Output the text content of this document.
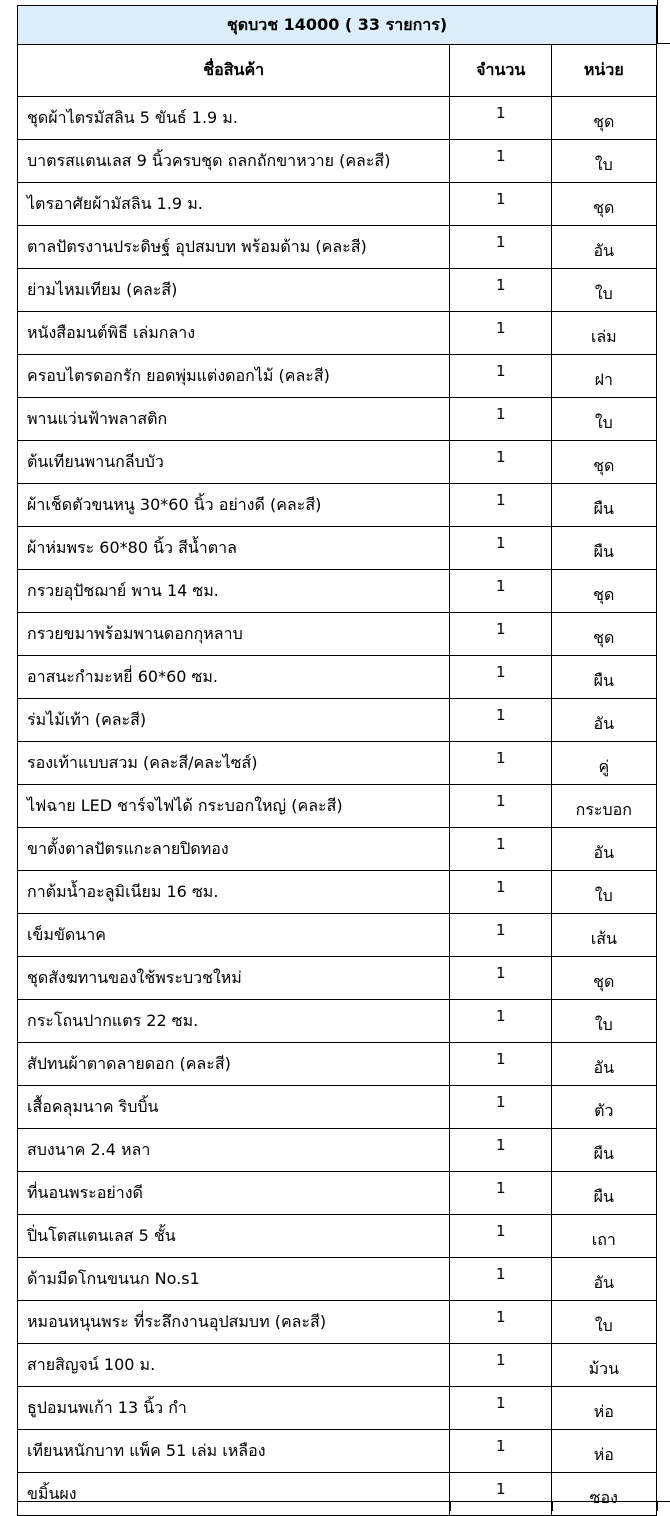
ชุดบวช 14000 ( 33 รายการ)
ชื่อสินค้า	จำนวน	หน่วย	
ชุดผ้าไตรมัสลิน 5 ขันธ์ 1.9 ม.	1	ชุด	
บาตรสแตนเลส 9 นิ้วครบชุด ถลกถักขาหวาย (คละสี)	1	ใบ	
ไตรอาศัยผ้ามัสลิน 1.9 ม.	1	ชุด	
ตาลปัตรงานประดิษฐ์ อุปสมบท พร้อมด้าม (คละสี)	1	อัน	
ย่ามไหมเทียม (คละสี)	1	ใบ	
หนังสือมนต์พิธี เล่มกลาง	1	เล่ม	
ครอบไตรดอกรัก ยอดพุ่มแต่งดอกไม้ (คละสี)	1	ฝา	
พานแว่นฟ้าพลาสติก	1	ใบ	
ต้นเทียนพานกลีบบัว	1	ชุด	
ผ้าเช็ดตัวขนหนู 30*60 นิ้ว อย่างดี (คละสี)	1	ผืน	
ผ้าห่มพระ 60*80 นิ้ว สีน้ำตาล	1	ผืน	
กรวยอุปัชฌาย์ พาน 14 ซม.	1	ชุด	
กรวยขมาพร้อมพานดอกกุหลาบ	1	ชุด	
อาสนะกำมะหยี่ 60*60 ซม.	1	ผืน	
ร่มไม้เท้า (คละสี)	1	อัน	
รองเท้าแบบสวม (คละสี/คละไซส์)	1	คู่	
ไฟฉาย LED ชาร์จไฟได้ กระบอกใหญ่ (คละสี)	1	กระบอก	
ขาตั้งตาลปัตรแกะลายปิดทอง	1	อัน	
กาต้มน้ำอะลูมิเนียม 16 ซม.	1	ใบ	
เข็มขัดนาค	1	เส้น	
ชุดสังฆทานของใช้พระบวชใหม่	1	ชุด	
กระโถนปากแตร 22 ซม.	1	ใบ	
สัปทนผ้าตาดลายดอก (คละสี)	1	อัน	
เสื้อคลุมนาค ริบบิ้น	1	ตัว	
สบงนาค 2.4 หลา	1	ผืน	
ที่นอนพระอย่างดี	1	ผืน	
ปิ่นโตสแตนเลส 5 ชั้น	1	เถา	
ด้ามมีดโกนขนนก No.s1	1	อัน	
หมอนหนุนพระ ที่ระลึกงานอุปสมบท (คละสี)	1	ใบ	
สายสิญจน์ 100 ม.	1	ม้วน	
ธูปอมนพเก้า 13 นิ้ว กำ	1	ห่อ	
เทียนหนักบาท แพ็ค 51 เล่ม เหลือง	1	ห่อ	
ขมิ้นผง	1	ซอง	
